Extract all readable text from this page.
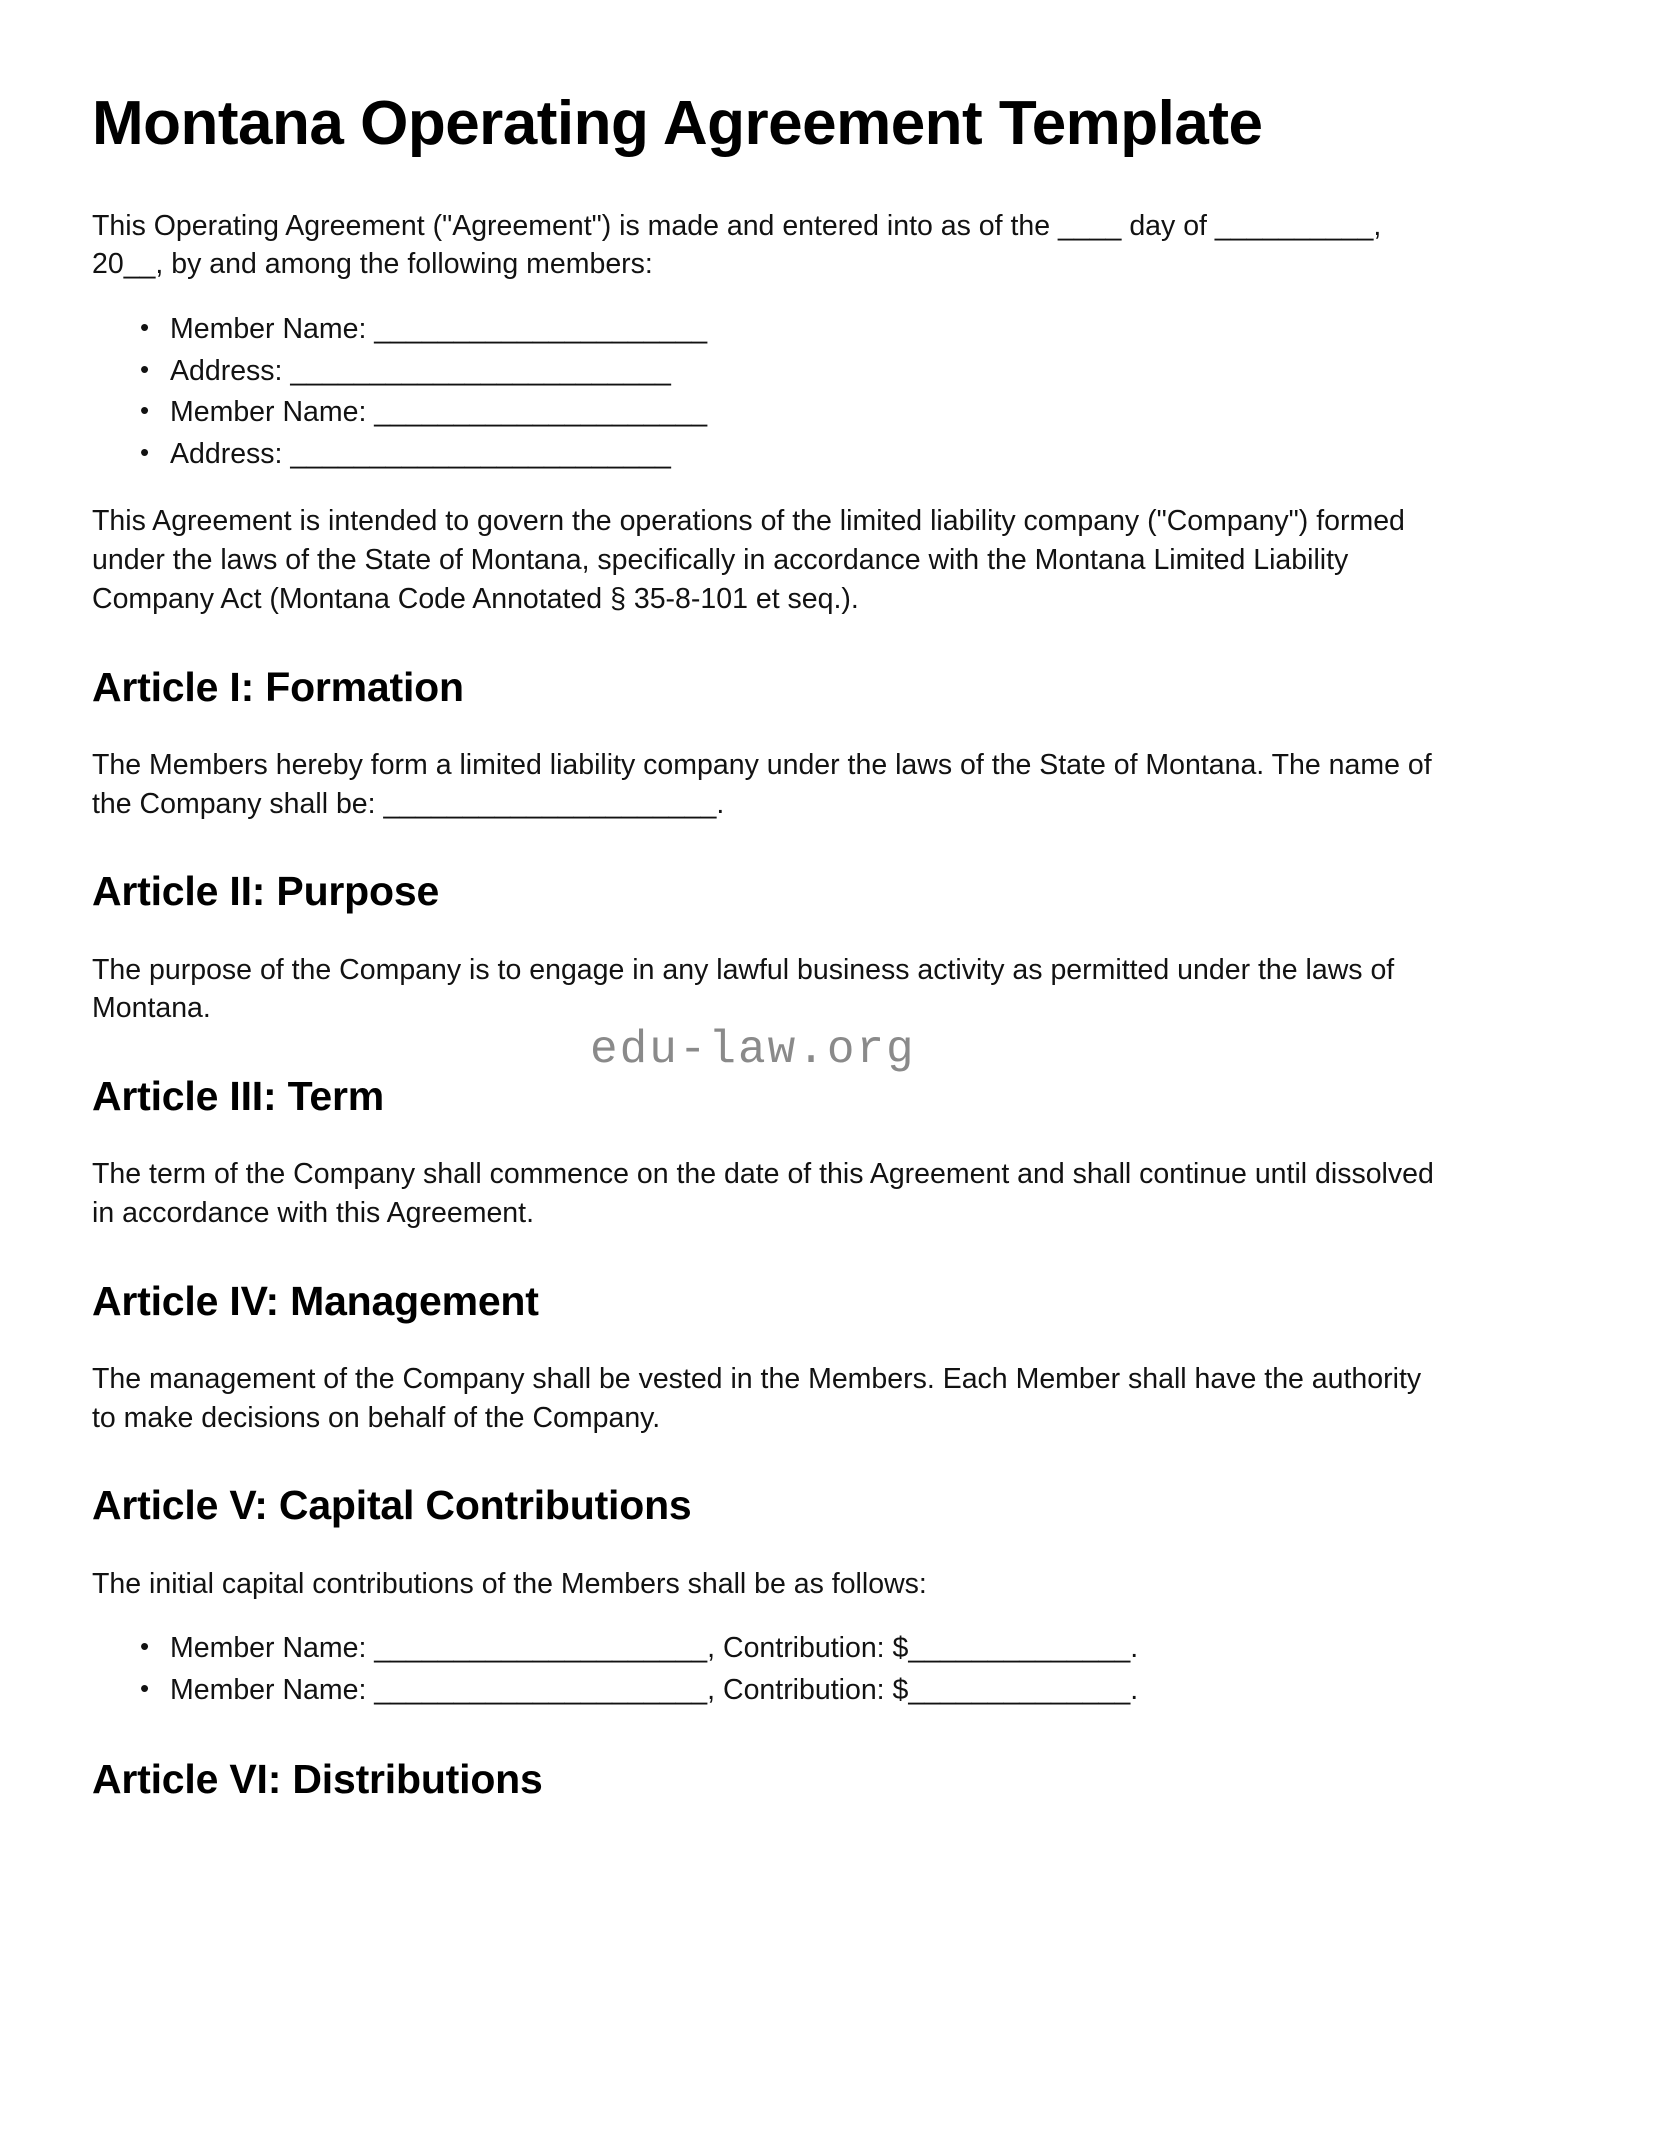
edu-law.org
Montana Operating Agreement Template

This Operating Agreement ("Agreement") is made and entered into as of the ____ day of __________, 20__, by and among the following members:

• Member Name: _____________________
• Address: ________________________
• Member Name: _____________________
• Address: ________________________

This Agreement is intended to govern the operations of the limited liability company ("Company") formed under the laws of the State of Montana, specifically in accordance with the Montana Limited Liability Company Act (Montana Code Annotated § 35-8-101 et seq.).

Article I: Formation

The Members hereby form a limited liability company under the laws of the State of Montana. The name of the Company shall be: _____________________.

Article II: Purpose

The purpose of the Company is to engage in any lawful business activity as permitted under the laws of Montana.

Article III: Term

The term of the Company shall commence on the date of this Agreement and shall continue until dissolved in accordance with this Agreement.

Article IV: Management

The management of the Company shall be vested in the Members. Each Member shall have the authority to make decisions on behalf of the Company.

Article V: Capital Contributions

The initial capital contributions of the Members shall be as follows:

• Member Name: _____________________, Contribution: $______________.
• Member Name: _____________________, Contribution: $______________.
Article VI: Distributions
